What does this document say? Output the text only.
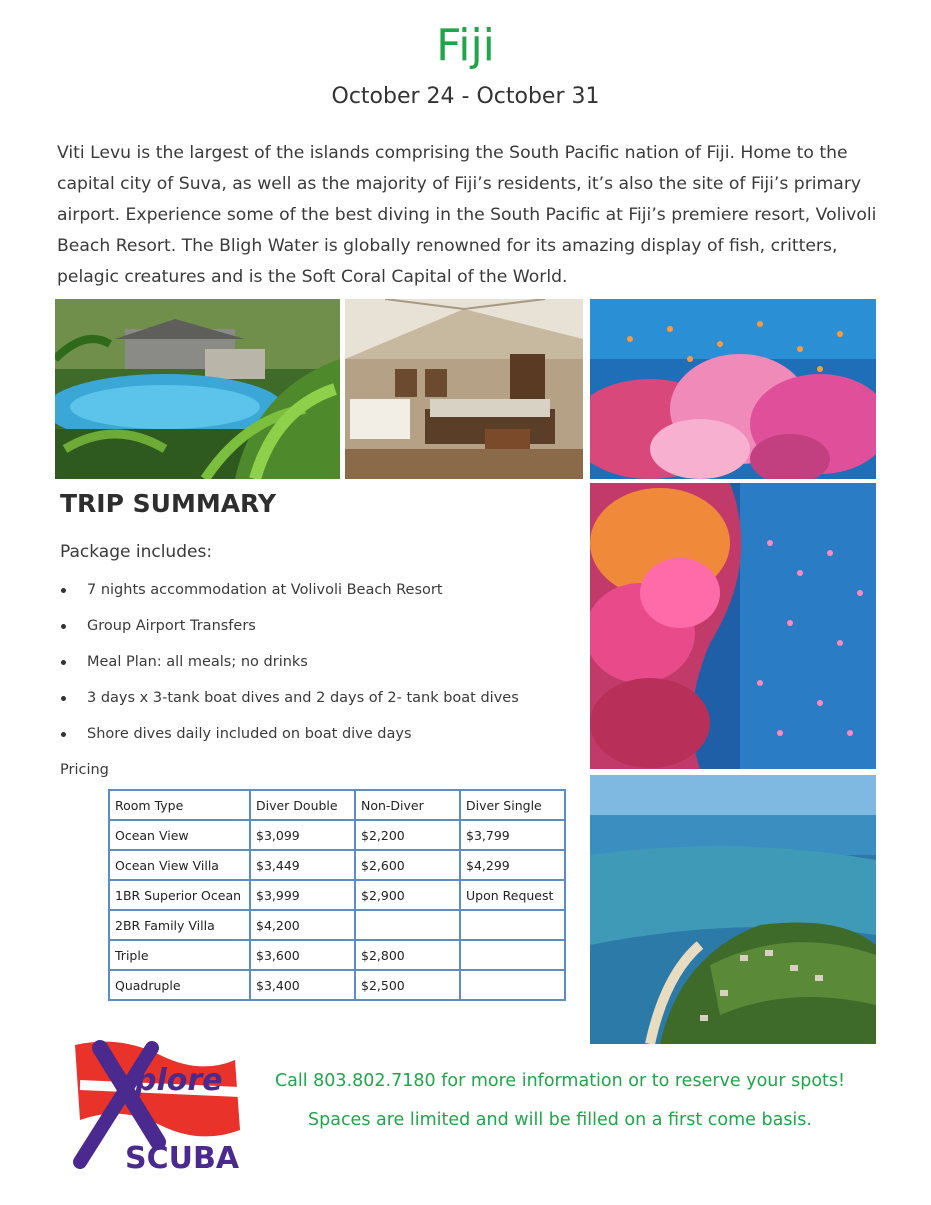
Fiji
October 24 - October 31
Viti Levu is the largest of the islands comprising the South Pacific nation of Fiji. Home to the capital city of Suva, as well as the majority of Fiji’s residents, it’s also the site of Fiji’s primary airport. Experience some of the best diving in the South Pacific at Fiji’s premiere resort, Volivoli Beach Resort. The Bligh Water is globally renowned for its amazing display of fish, critters, pelagic creatures and is the Soft Coral Capital of the World.
TRIP SUMMARY
Package includes:
7 nights accommodation at Volivoli Beach Resort
Group Airport Transfers
Meal Plan: all meals; no drinks
3 days x 3-tank boat dives and 2 days of 2- tank boat dives
Shore dives daily included on boat dive days
Pricing
Room Type	Diver Double	Non-Diver	Diver Single
Ocean View	$3,099	$2,200	$3,799
Ocean View Villa	$3,449	$2,600	$4,299
1BR Superior Ocean	$3,999	$2,900	Upon Request
2BR Family Villa	$4,200		
Triple	$3,600	$2,800	
Quadruple	$3,400	$2,500	
plore
SCUBA
Call 803.802.7180 for more information or to reserve your spots!
Spaces are limited and will be filled on a first come basis.
